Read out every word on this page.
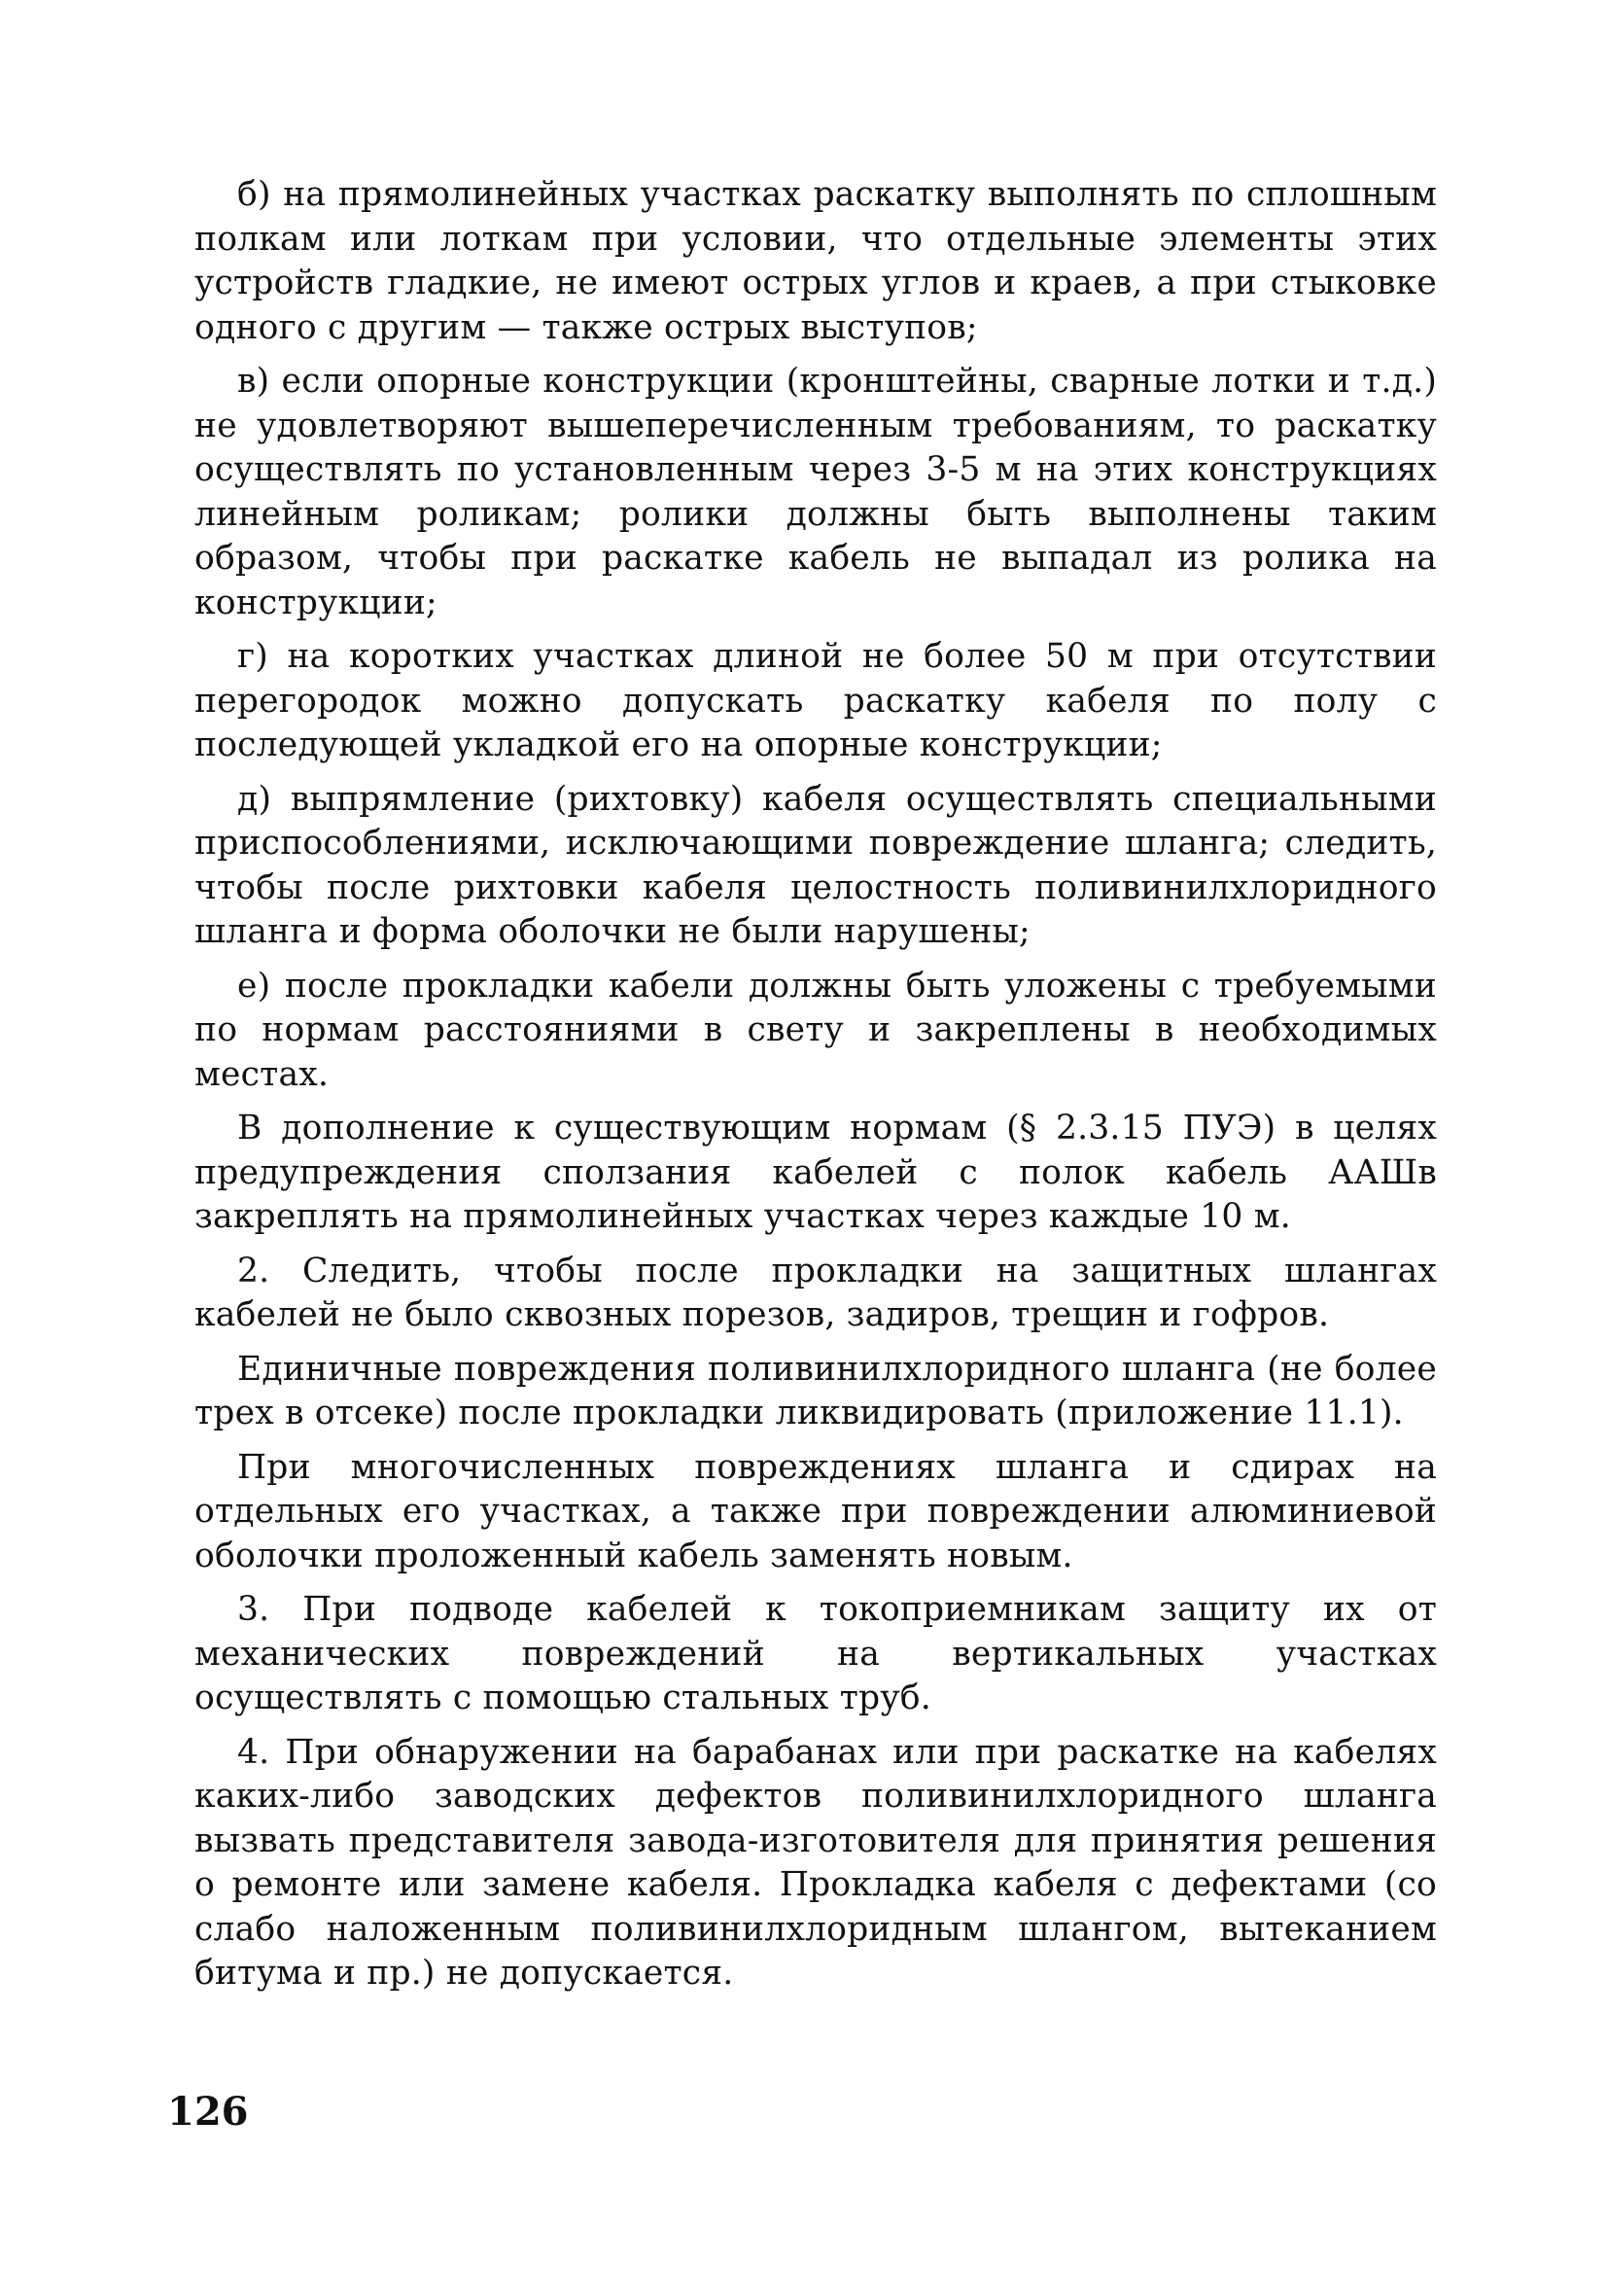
б) на прямолинейных участках раскатку выполнять по сплошным полкам или лоткам при условии, что отдельные элементы этих устройств гладкие, не имеют острых углов и краев, а при стыковке одного с другим — также острых выступов;

в) если опорные конструкции (кронштейны, сварные лотки и т.д.) не удовлетворяют вышеперечисленным требованиям, то раскатку осуществлять по установленным через 3-5 м на этих конструкциях линейным роликам; ролики должны быть выполнены таким образом, чтобы при раскатке кабель не выпадал из ролика на конструкции;

г) на коротких участках длиной не более 50 м при отсутствии перегородок можно допускать раскатку кабеля по полу с последующей укладкой его на опорные конструкции;

д) выпрямление (рихтовку) кабеля осуществлять специальными приспособлениями, исключающими повреждение шланга; следить, чтобы после рихтовки кабеля целостность поливинилхлоридного шланга и форма оболочки не были нарушены;

е) после прокладки кабели должны быть уложены с требуемыми по нормам расстояниями в свету и закреплены в необходимых местах.

В дополнение к существующим нормам (§ 2.3.15 ПУЭ) в целях предупреждения сползания кабелей с полок кабель ААШв закреплять на прямолинейных участках через каждые 10 м.

2. Следить, чтобы после прокладки на защитных шлангах кабелей не было сквозных порезов, задиров, трещин и гофров.

Единичные повреждения поливинилхлоридного шланга (не более трех в отсеке) после прокладки ликвидировать (приложение 11.1).

При многочисленных повреждениях шланга и сдирах на отдельных его участках, а также при повреждении алюминиевой оболочки проложенный кабель заменять новым.

3. При подводе кабелей к токоприемникам защиту их от механических повреждений на вертикальных участках осуществлять с помощью стальных труб.

4. При обнаружении на барабанах или при раскатке на кабелях каких-либо заводских дефектов поливинилхлоридного шланга вызвать представителя завода-изготовителя для принятия решения о ремонте или замене кабеля. Прокладка кабеля с дефектами (со слабо наложенным поливинилхлоридным шлангом, вытеканием битума и пр.) не допускается.

126
